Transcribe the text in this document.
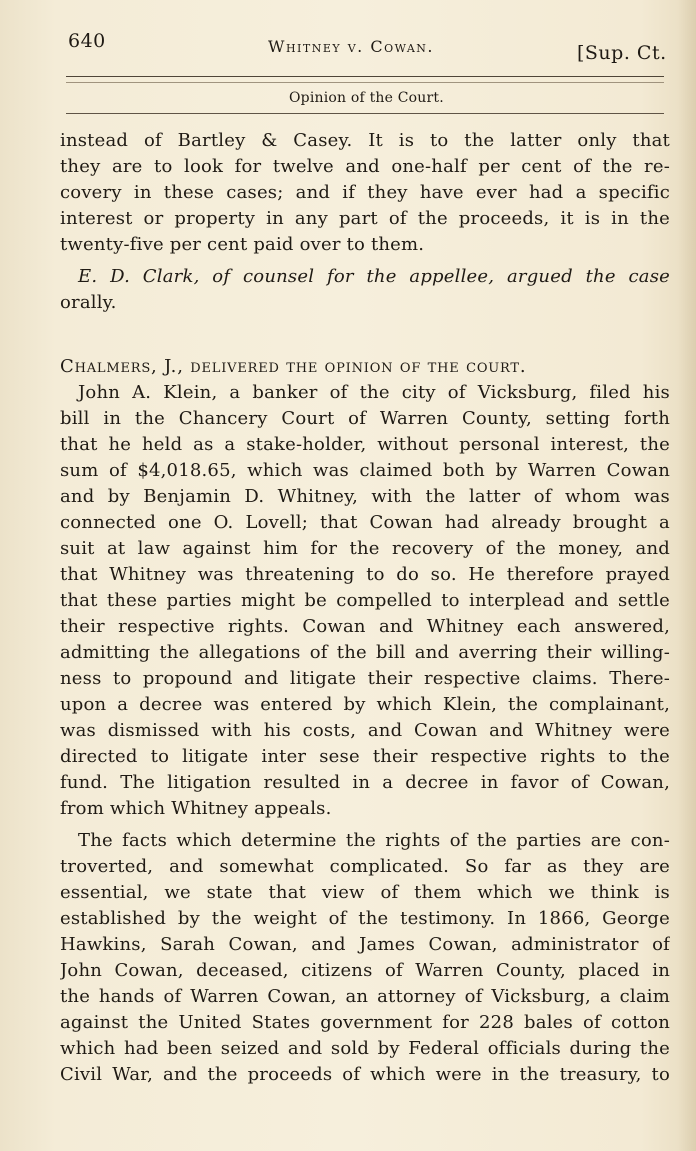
640	Whitney v. Cowan.	[Sup. Ct.
Opinion of the Court.
instead of Bartley & Casey. It is to the latter only that
they are to look for twelve and one-half per cent of the re-
covery in these cases; and if they have ever had a specific
interest or property in any part of the proceeds, it is in the
twenty-five per cent paid over to them.
E. D. Clark, of counsel for the appellee, argued the case
orally.
Chalmers, J., delivered the opinion of the court.
John A. Klein, a banker of the city of Vicksburg, filed his
bill in the Chancery Court of Warren County, setting forth
that he held as a stake-holder, without personal interest, the
sum of $4,018.65, which was claimed both by Warren Cowan
and by Benjamin D. Whitney, with the latter of whom was
connected one O. Lovell; that Cowan had already brought a
suit at law against him for the recovery of the money, and
that Whitney was threatening to do so. He therefore prayed
that these parties might be compelled to interplead and settle
their respective rights. Cowan and Whitney each answered,
admitting the allegations of the bill and averring their willing-
ness to propound and litigate their respective claims. There-
upon a decree was entered by which Klein, the complainant,
was dismissed with his costs, and Cowan and Whitney were
directed to litigate inter sese their respective rights to the
fund. The litigation resulted in a decree in favor of Cowan,
from which Whitney appeals.
The facts which determine the rights of the parties are con-
troverted, and somewhat complicated. So far as they are
essential, we state that view of them which we think is
established by the weight of the testimony. In 1866, George
Hawkins, Sarah Cowan, and James Cowan, administrator of
John Cowan, deceased, citizens of Warren County, placed in
the hands of Warren Cowan, an attorney of Vicksburg, a claim
against the United States government for 228 bales of cotton
which had been seized and sold by Federal officials during the
Civil War, and the proceeds of which were in the treasury, to
